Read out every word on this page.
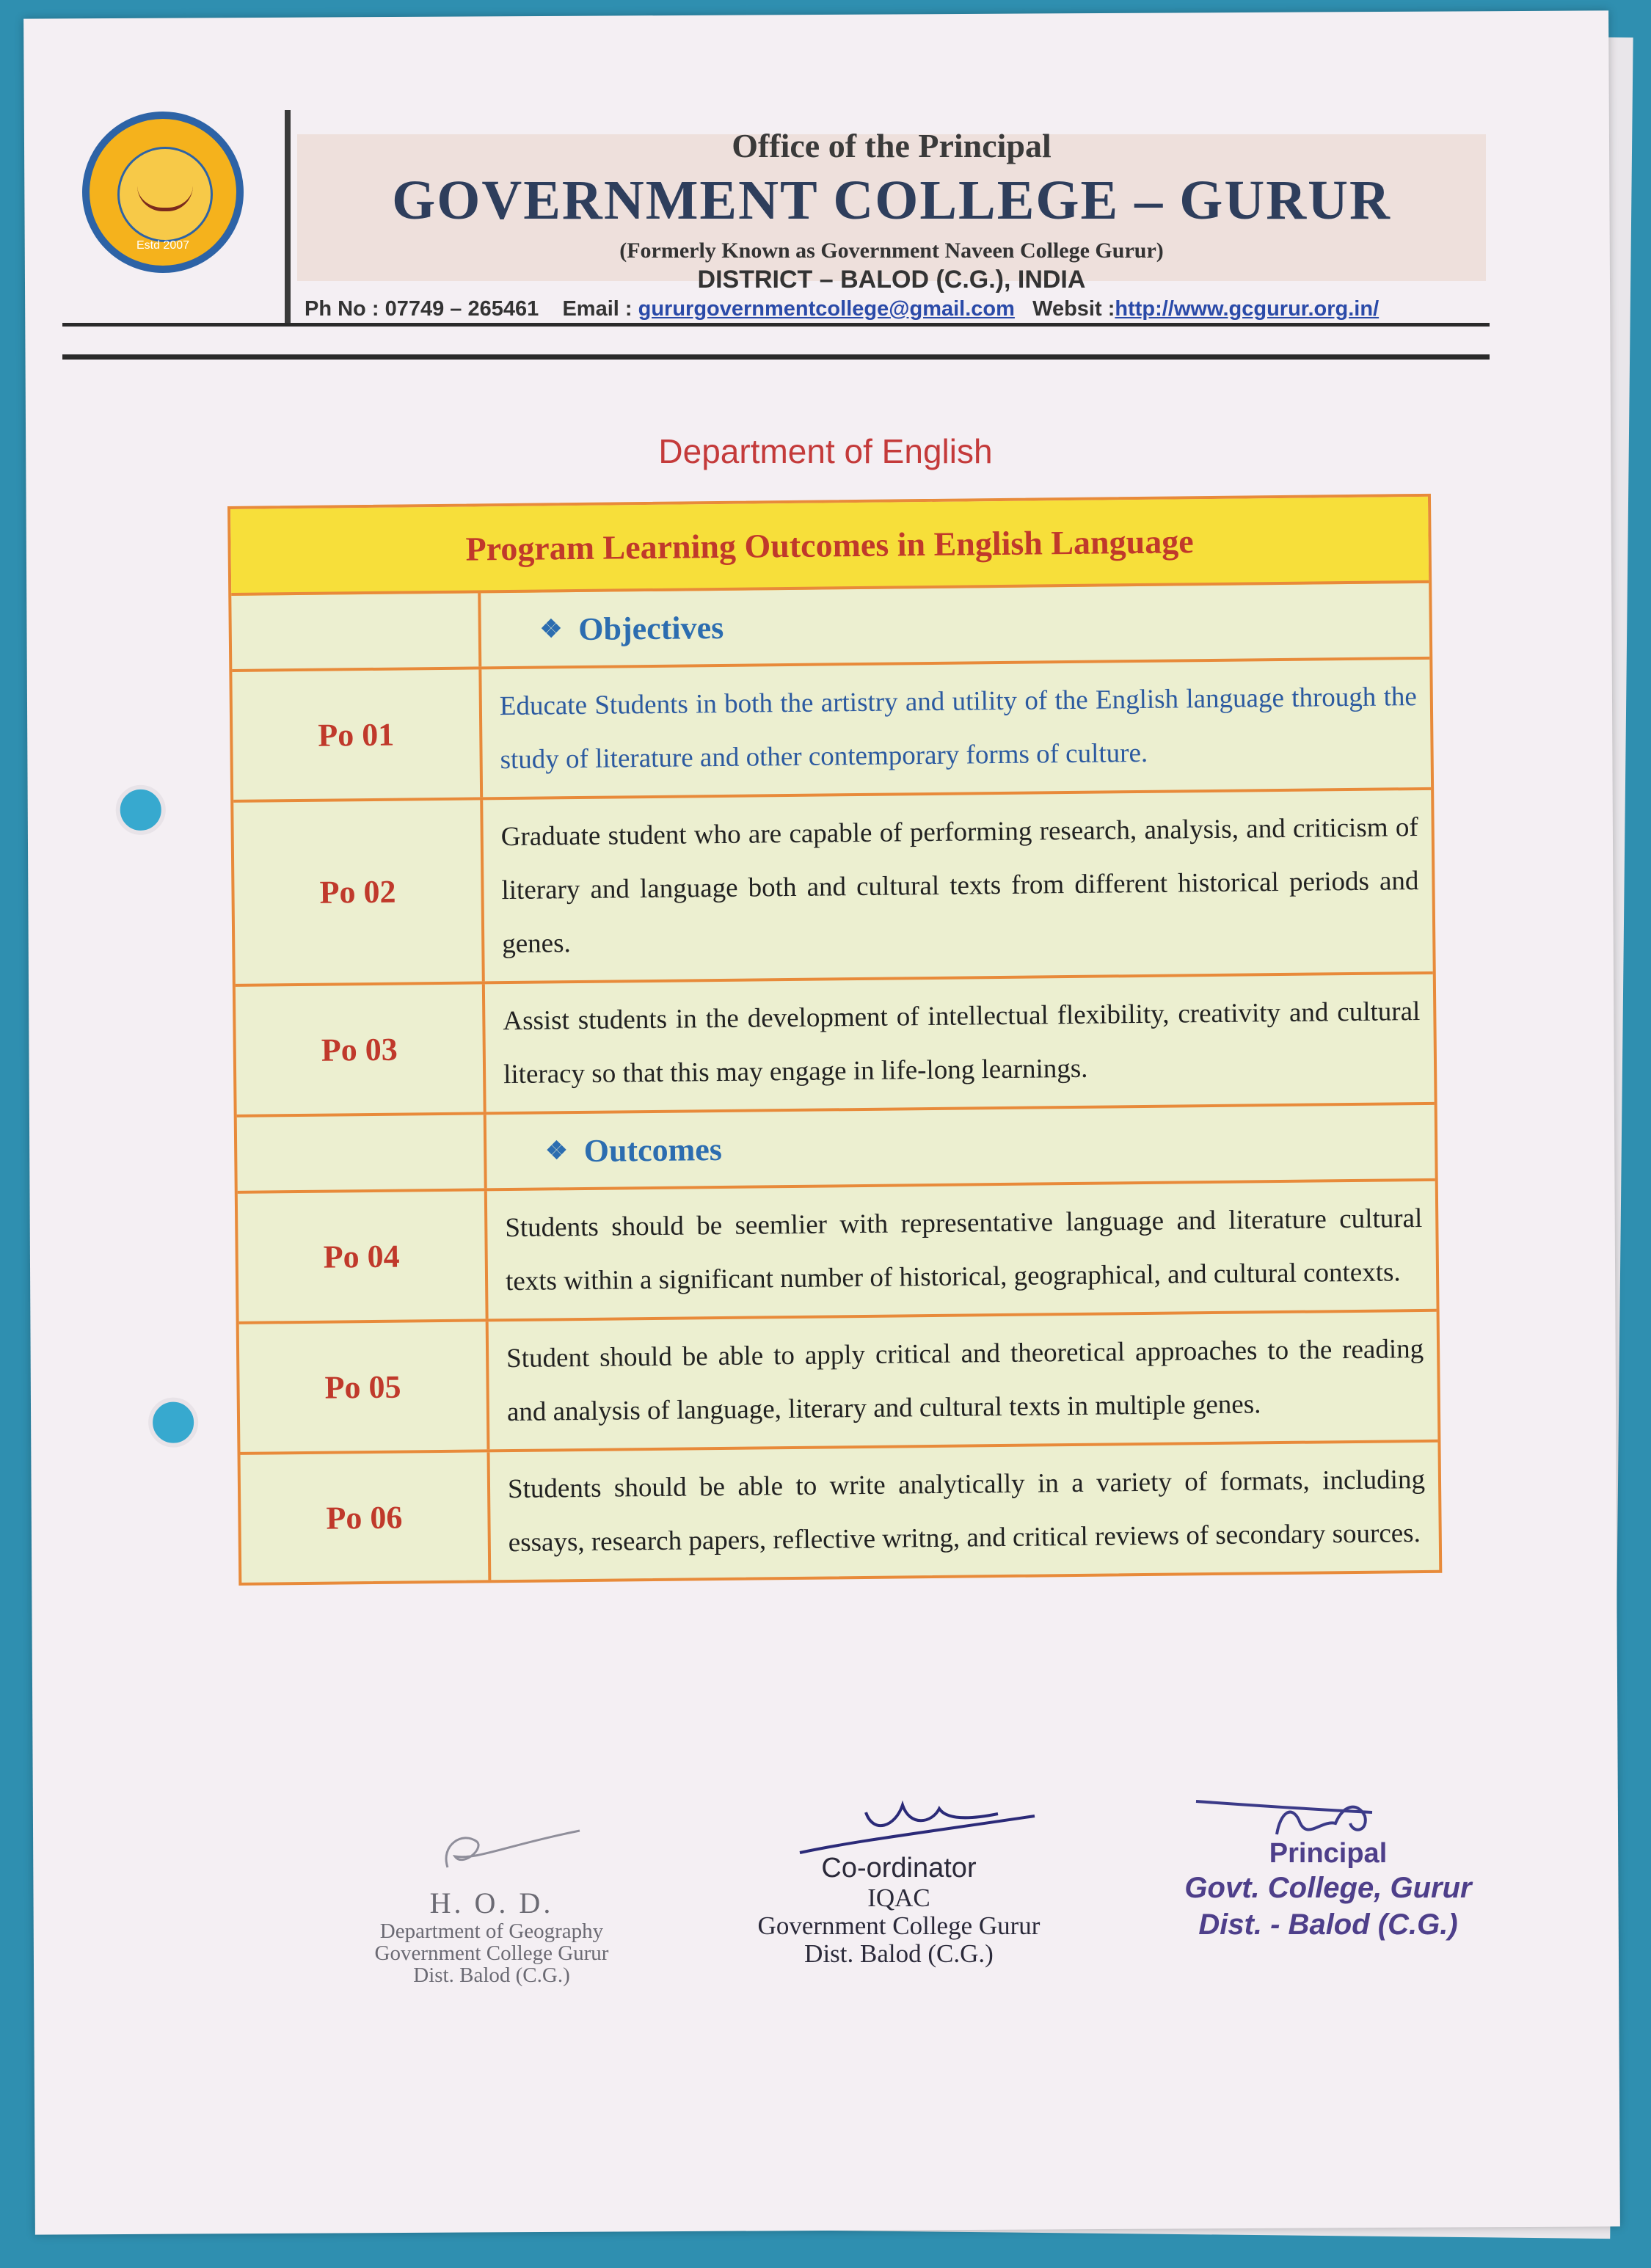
Estd 2007
Office of the Principal
GOVERNMENT COLLEGE – GURUR
(Formerly Known as Government Naveen College Gurur)
DISTRICT – BALOD (C.G.), INDIA
Ph No : 07749 – 265461 Email : gururgovernmentcollege@gmail.com Websit :http://www.gcgurur.org.in/
Department of English
Program Learning Outcomes in English Language
❖ Objectives
Po 01
Educate Students in both the artistry and utility of the English language through the study of literature and other contemporary forms of culture.
Po 02
Graduate student who are capable of performing research, analysis, and criticism of literary and language both and cultural texts from different historical periods and genes.
Po 03
Assist students in the development of intellectual flexibility, creativity and cultural literacy so that this may engage in life-long learnings.
❖ Outcomes
Po 04
Students should be seemlier with representative language and literature cultural texts within a significant number of historical, geographical, and cultural contexts.
Po 05
Student should be able to apply critical and theoretical approaches to the reading and analysis of language, literary and cultural texts in multiple genes.
Po 06
Students should be able to write analytically in a variety of formats, including essays, research papers, reflective writng, and critical reviews of secondary sources.
H. O. D.
Department of Geography
Government College Gurur
Dist. Balod (C.G.)
Co-ordinator
IQAC
Government College Gurur
Dist. Balod (C.G.)
Principal
Govt. College, Gurur
Dist. - Balod (C.G.)
